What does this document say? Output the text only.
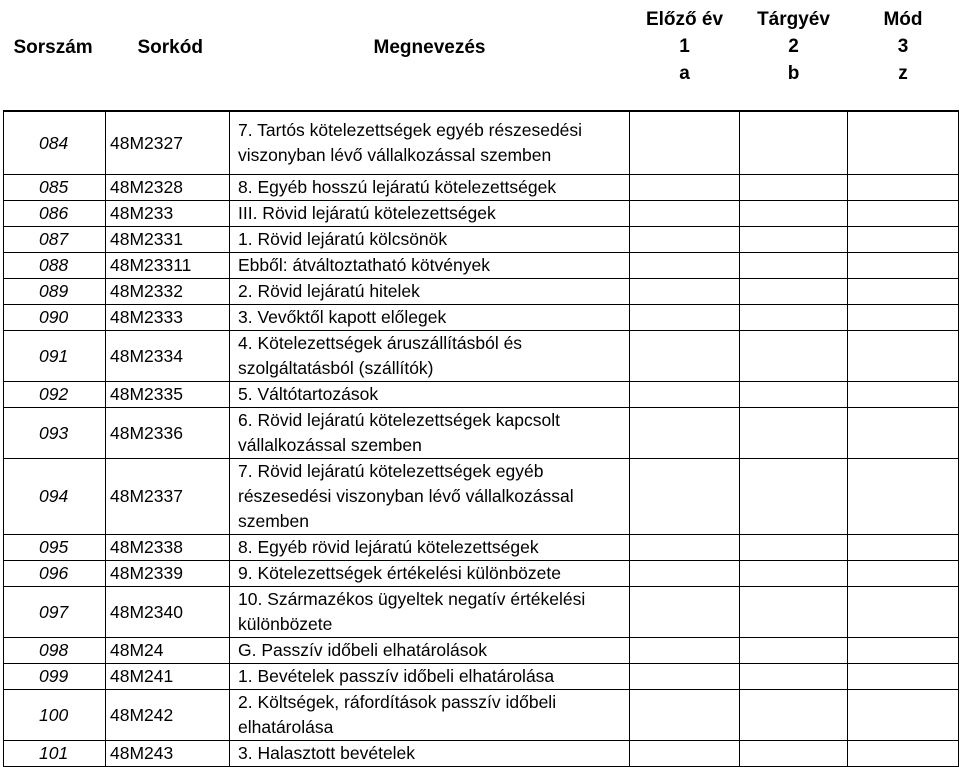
Sorszám	Sorkód	Megnevezés	Előző év	Tárgyév	Mód
			1	2	3
			a	b	z

084	48M2327	7. Tartós kötelezettségek egyéb részesedési viszonyban lévő vállalkozással szemben			
085	48M2328	8. Egyéb hosszú lejáratú kötelezettségek			
086	48M233	III. Rövid lejáratú kötelezettségek			
087	48M2331	1. Rövid lejáratú kölcsönök			
088	48M23311	Ebből: átváltoztatható kötvények			
089	48M2332	2. Rövid lejáratú hitelek			
090	48M2333	3. Vevőktől kapott előlegek			
091	48M2334	4. Kötelezettségek áruszállításból és szolgáltatásból (szállítók)			
092	48M2335	5. Váltótartozások			
093	48M2336	6. Rövid lejáratú kötelezettségek kapcsolt vállalkozással szemben			
094	48M2337	7. Rövid lejáratú kötelezettségek egyéb részesedési viszonyban lévő vállalkozással szemben			
095	48M2338	8. Egyéb rövid lejáratú kötelezettségek			
096	48M2339	9. Kötelezettségek értékelési különbözete			
097	48M2340	10. Származékos ügyeltek negatív értékelési különbözete			
098	48M24	G. Passzív időbeli elhatárolások			
099	48M241	1. Bevételek passzív időbeli elhatárolása			
100	48M242	2. Költségek, ráfordítások passzív időbeli elhatárolása			
101	48M243	3. Halasztott bevételek			
